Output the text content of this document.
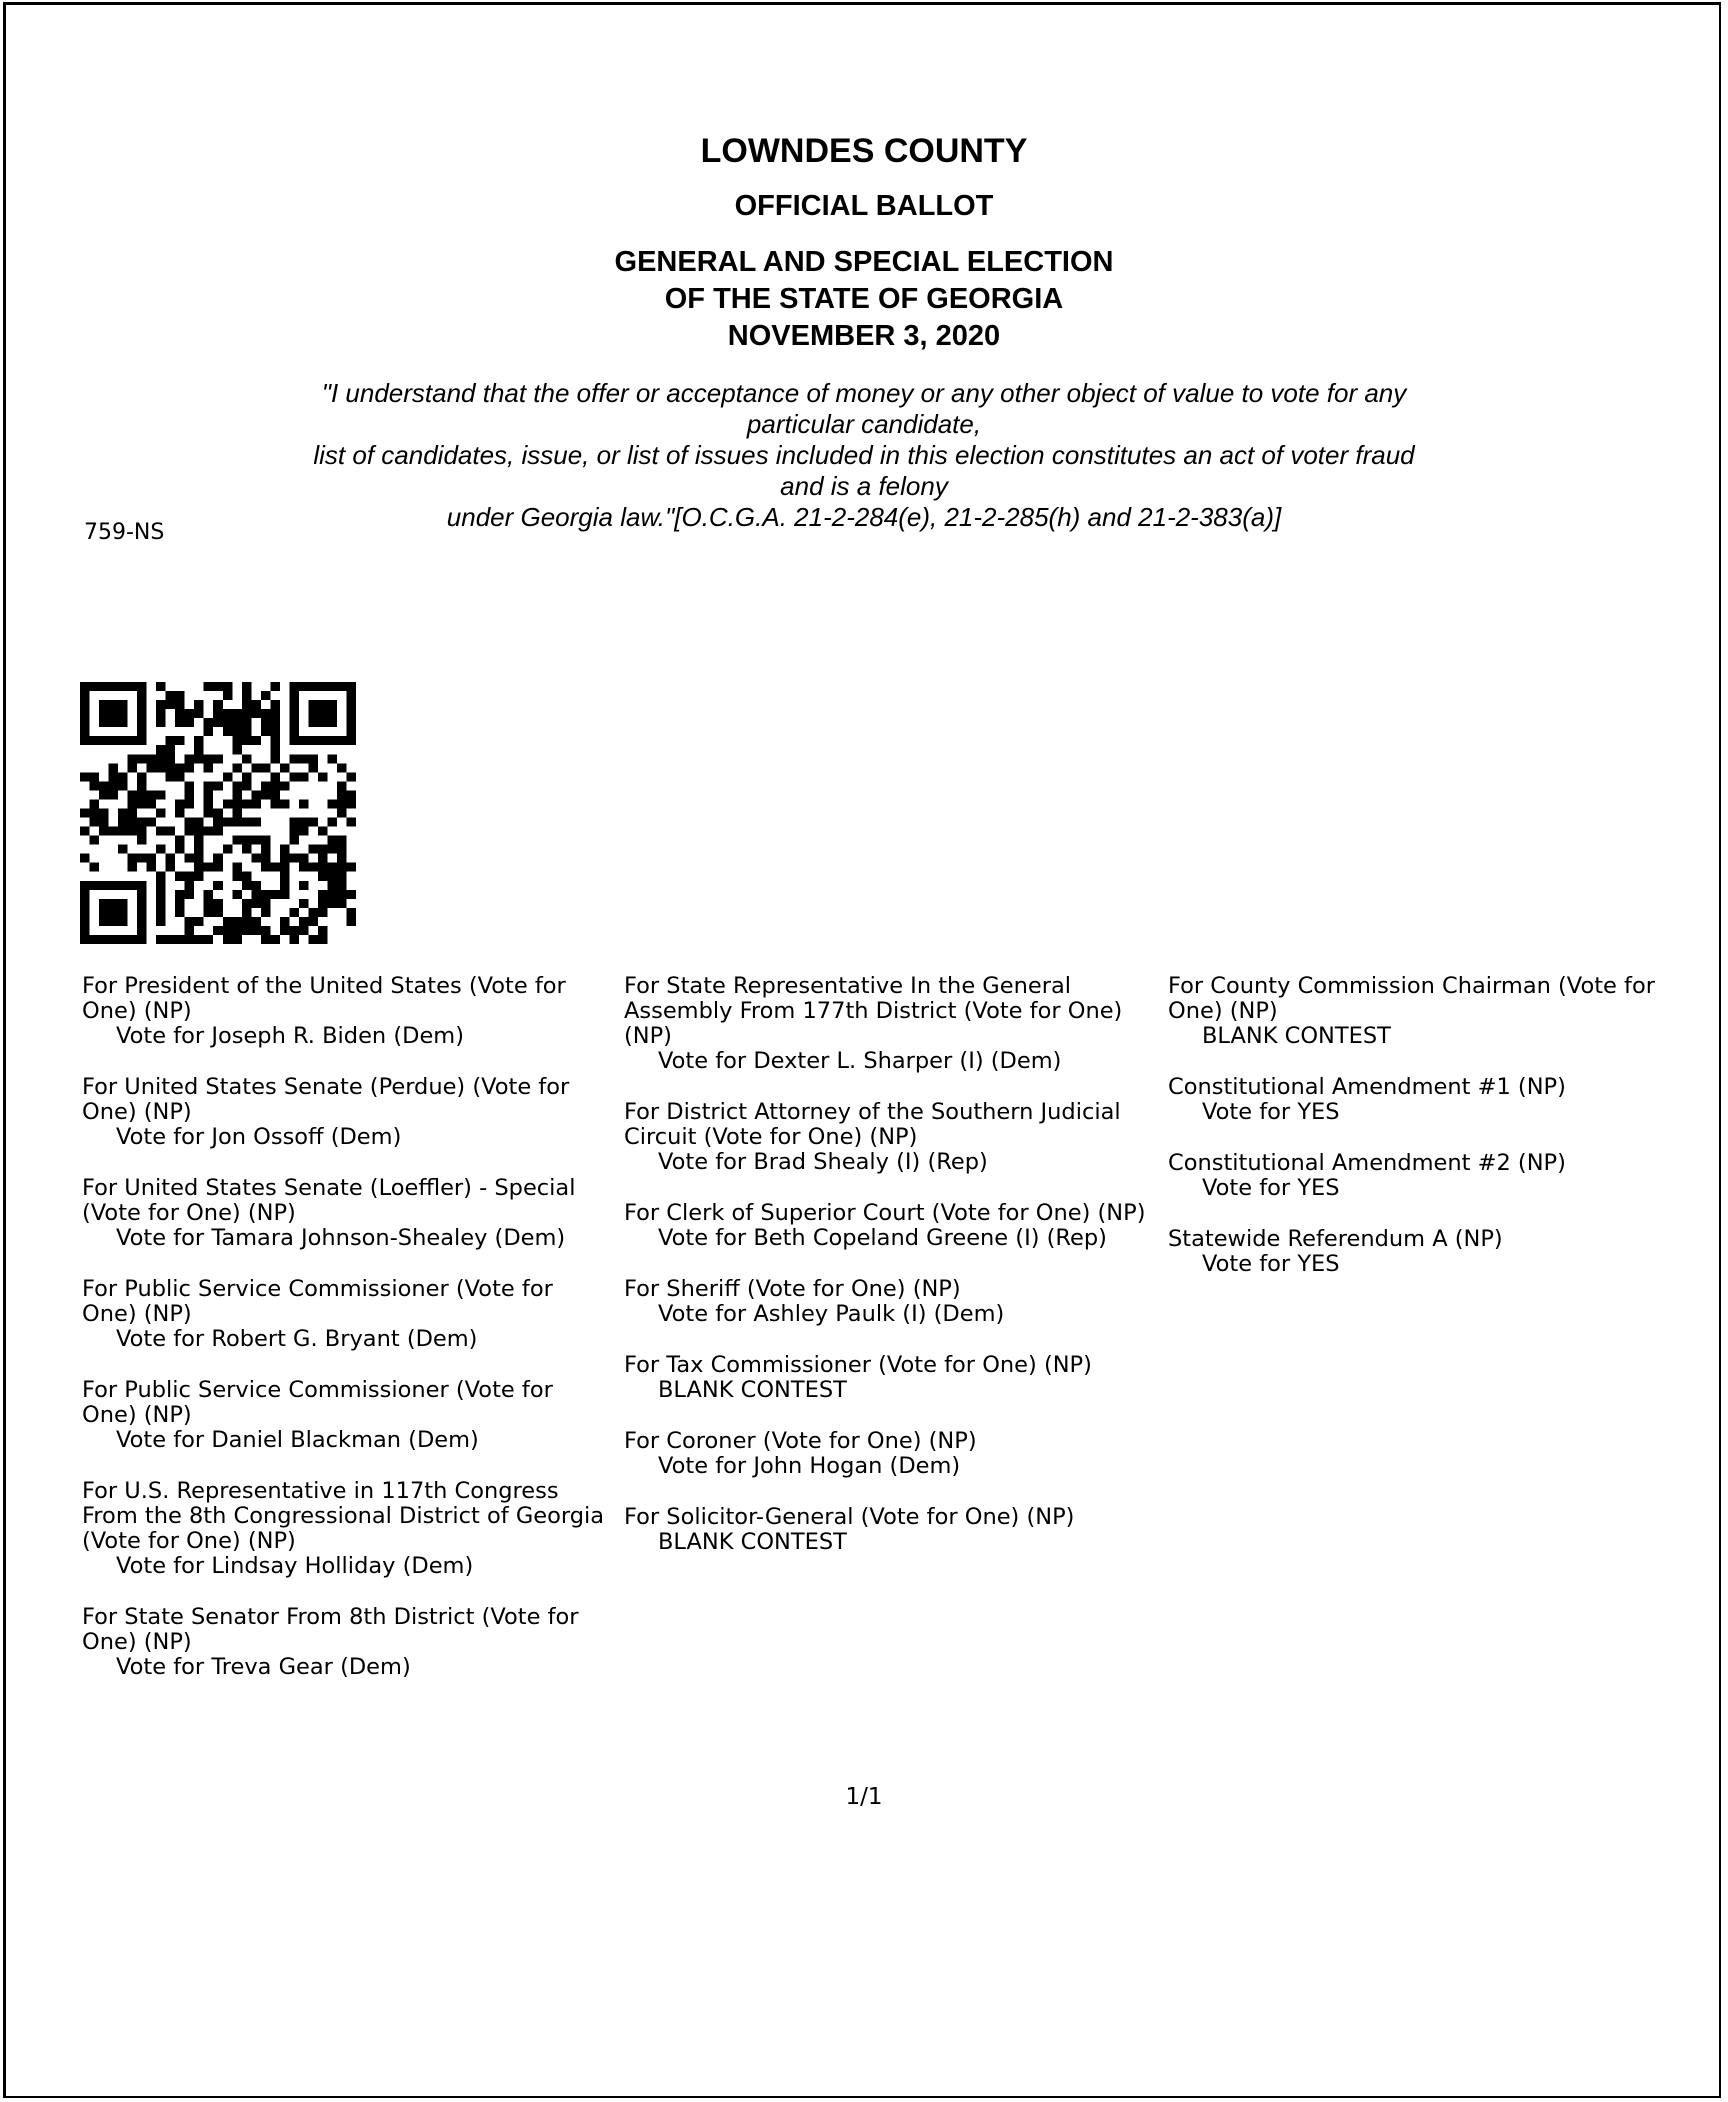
LOWNDES COUNTY
OFFICIAL BALLOT
GENERAL AND SPECIAL ELECTION
OF THE STATE OF GEORGIA
NOVEMBER 3, 2020
"I understand that the offer or acceptance of money or any other object of value to vote for any particular candidate,
list of candidates, issue, or list of issues included in this election constitutes an act of voter fraud and is a felony
under Georgia law."[O.C.G.A. 21-2-284(e), 21-2-285(h) and 21-2-383(a)]
759-NS
For President of the United States (Vote for One) (NP)
Vote for Joseph R. Biden (Dem)
For United States Senate (Perdue) (Vote for One) (NP)
Vote for Jon Ossoff (Dem)
For United States Senate (Loeffler) - Special (Vote for One) (NP)
Vote for Tamara Johnson-Shealey (Dem)
For Public Service Commissioner (Vote for One) (NP)
Vote for Robert G. Bryant (Dem)
For Public Service Commissioner (Vote for One) (NP)
Vote for Daniel Blackman (Dem)
For U.S. Representative in 117th Congress From the 8th Congressional District of Georgia (Vote for One) (NP)
Vote for Lindsay Holliday (Dem)
For State Senator From 8th District (Vote for One) (NP)
Vote for Treva Gear (Dem)
For State Representative In the General Assembly From 177th District (Vote for One) (NP)
Vote for Dexter L. Sharper (I) (Dem)
For District Attorney of the Southern Judicial Circuit (Vote for One) (NP)
Vote for Brad Shealy (I) (Rep)
For Clerk of Superior Court (Vote for One) (NP)
Vote for Beth Copeland Greene (I) (Rep)
For Sheriff (Vote for One) (NP)
Vote for Ashley Paulk (I) (Dem)
For Tax Commissioner (Vote for One) (NP)
BLANK CONTEST
For Coroner (Vote for One) (NP)
Vote for John Hogan (Dem)
For Solicitor-General (Vote for One) (NP)
BLANK CONTEST
For County Commission Chairman (Vote for One) (NP)
BLANK CONTEST
Constitutional Amendment #1 (NP)
Vote for YES
Constitutional Amendment #2 (NP)
Vote for YES
Statewide Referendum A (NP)
Vote for YES
1/1
